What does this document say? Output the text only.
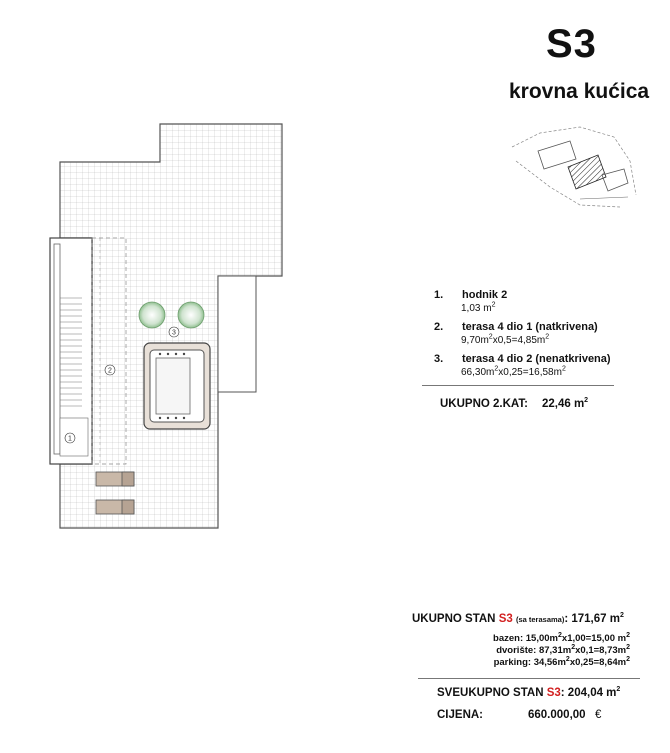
S3
krovna kućica
1
2
3
1. hodnik 2
1,03 $m^2$
2. terasa 4 dio 1 (natkrivena)
$9,70m^2x0,5=4,85m^2$
3. terasa 4 dio 2 (nenatkrivena)
$66,30m^2x0,25=16,58m^2$
UKUPNO 2.KAT: 22,46 $m^2$
UKUPNO STAN S3 (sa terasama): 171,67 $m^2$
bazen: $15,00m^2x1,00=15,00$ $m^2$
dvorište: $87,31m^2x0,1=8,73m^2$
parking: $34,56m^2x0,25=8,64m^2$
SVEUKUPNO STAN S3: 204,04 $m^2$
CIJENA:	660.000,00 €
